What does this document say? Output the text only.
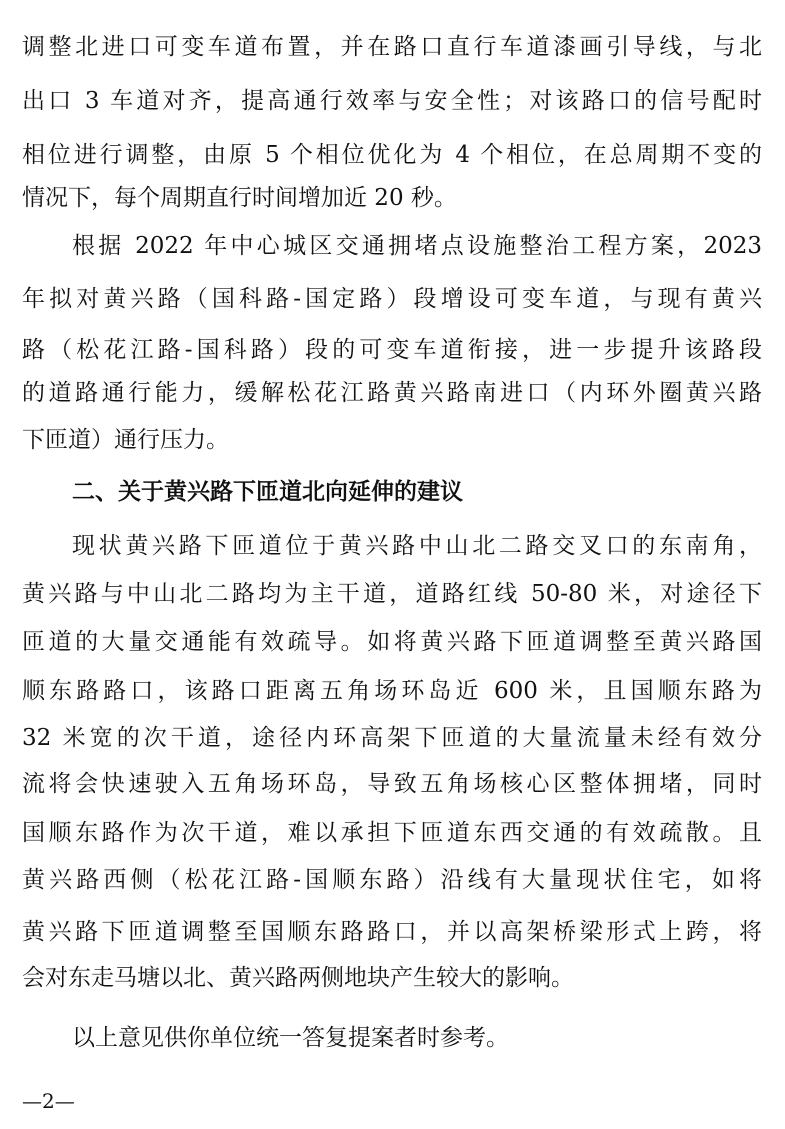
调整北进口可变车道布置，并在路口直行车道漆画引导线，与北
出口 3 车道对齐，提高通行效率与安全性；对该路口的信号配时
相位进行调整，由原 5 个相位优化为 4 个相位，在总周期不变的
情况下，每个周期直行时间增加近 20 秒。
根据 2022 年中心城区交通拥堵点设施整治工程方案，2023
年拟对黄兴路（国科路-国定路）段增设可变车道，与现有黄兴
路（松花江路-国科路）段的可变车道衔接，进一步提升该路段
的道路通行能力，缓解松花江路黄兴路南进口（内环外圈黄兴路
下匝道）通行压力。
二、关于黄兴路下匝道北向延伸的建议
现状黄兴路下匝道位于黄兴路中山北二路交叉口的东南角，
黄兴路与中山北二路均为主干道，道路红线 50-80 米，对途径下
匝道的大量交通能有效疏导。如将黄兴路下匝道调整至黄兴路国
顺东路路口，该路口距离五角场环岛近 600 米，且国顺东路为
32 米宽的次干道，途径内环高架下匝道的大量流量未经有效分
流将会快速驶入五角场环岛，导致五角场核心区整体拥堵，同时
国顺东路作为次干道，难以承担下匝道东西交通的有效疏散。且
黄兴路西侧（松花江路-国顺东路）沿线有大量现状住宅，如将
黄兴路下匝道调整至国顺东路路口，并以高架桥梁形式上跨，将
会对东走马塘以北、黄兴路两侧地块产生较大的影响。
以上意见供你单位统一答复提案者时参考。
—2—
